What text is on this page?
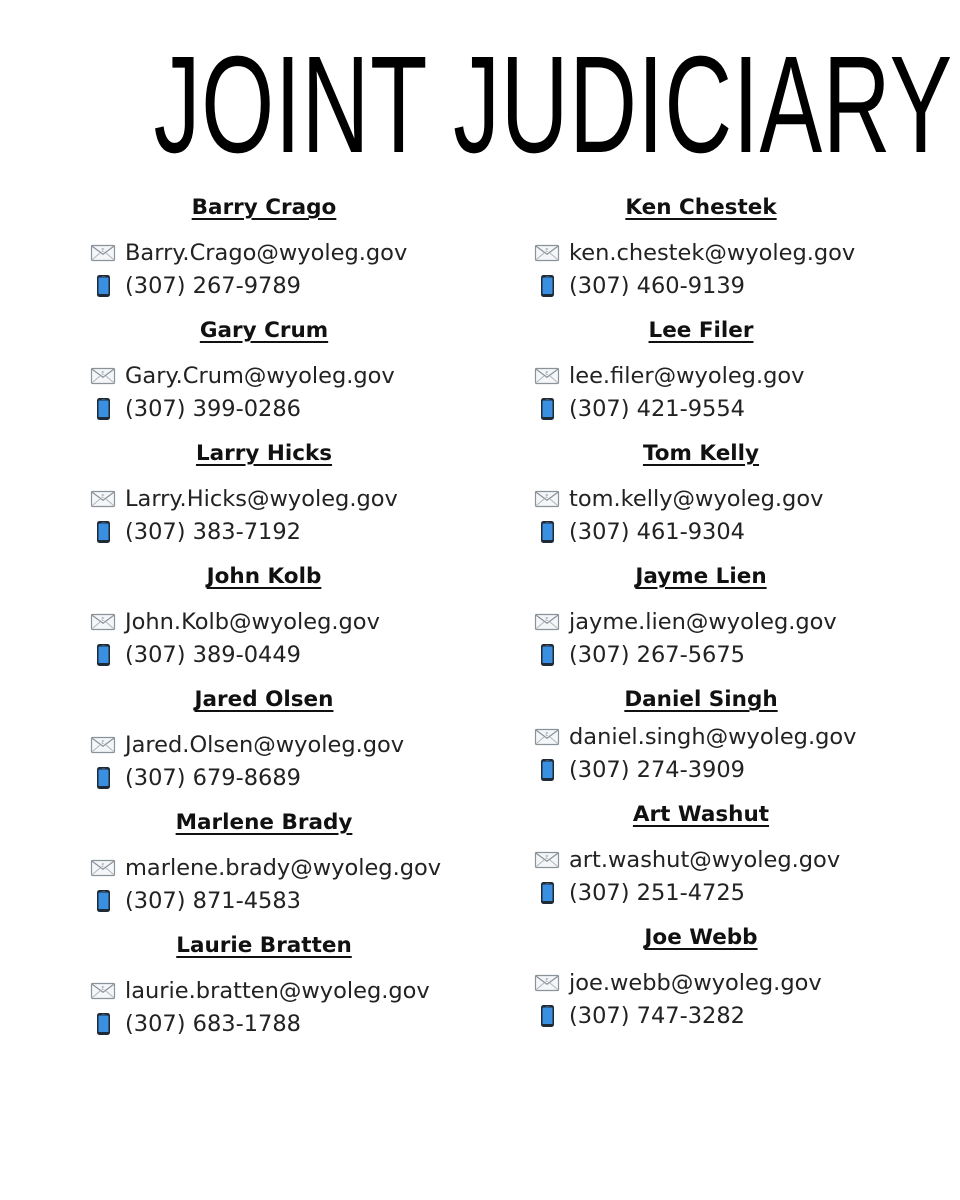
JOINT JUDICIARY
Barry Crago
E Barry.Crago@wyoleg.gov
(307) 267-9789
Gary Crum
E Gary.Crum@wyoleg.gov
(307) 399-0286
Larry Hicks
E Larry.Hicks@wyoleg.gov
(307) 383-7192
John Kolb
E John.Kolb@wyoleg.gov
(307) 389-0449
Jared Olsen
E Jared.Olsen@wyoleg.gov
(307) 679-8689
Marlene Brady
E marlene.brady@wyoleg.gov
(307) 871-4583
Laurie Bratten
E laurie.bratten@wyoleg.gov
(307) 683-1788
Ken Chestek
E ken.chestek@wyoleg.gov
(307) 460-9139
Lee Filer
E lee.filer@wyoleg.gov
(307) 421-9554
Tom Kelly
E tom.kelly@wyoleg.gov
(307) 461-9304
Jayme Lien
E jayme.lien@wyoleg.gov
(307) 267-5675
Daniel Singh
E daniel.singh@wyoleg.gov
(307) 274-3909
Art Washut
E art.washut@wyoleg.gov
(307) 251-4725
Joe Webb
E joe.webb@wyoleg.gov
(307) 747-3282
